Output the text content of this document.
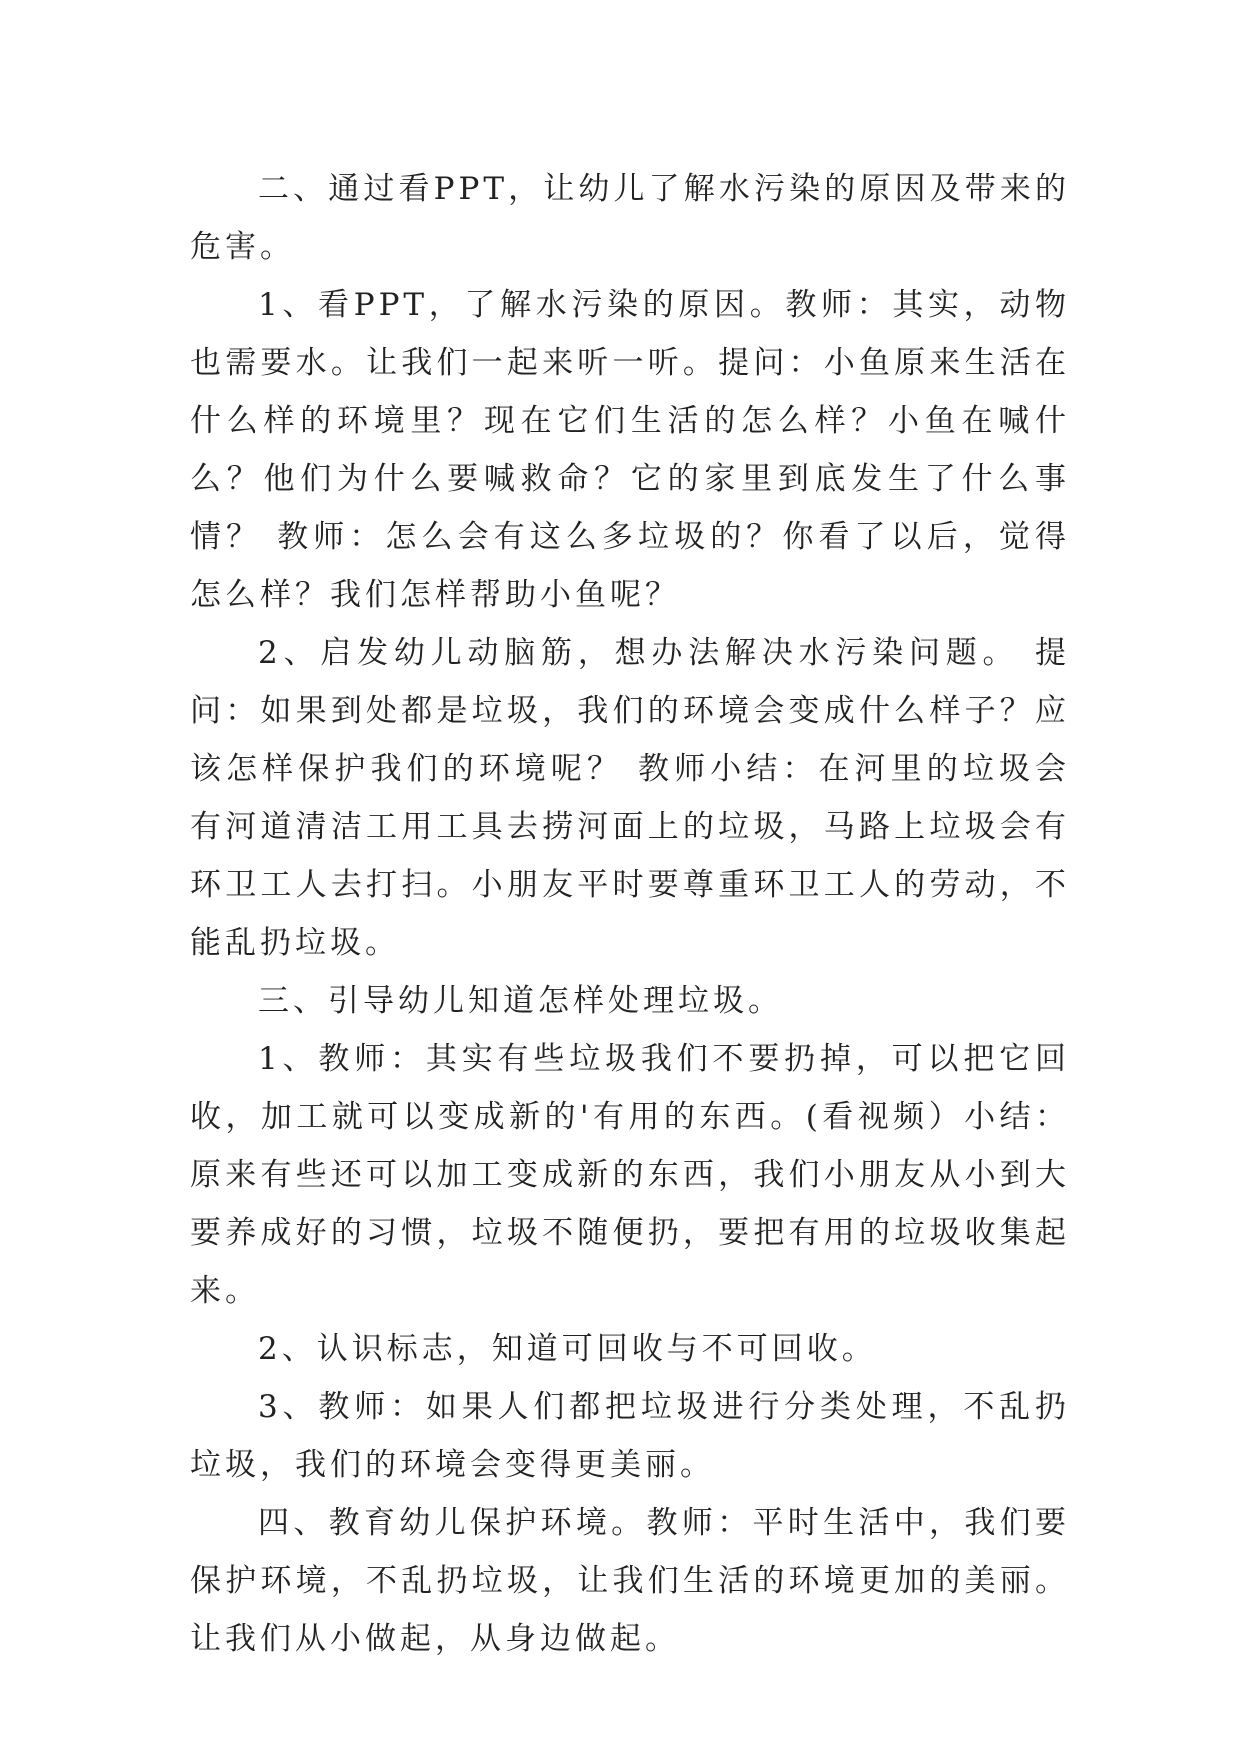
二、通过看PPT，让幼儿了解水污染的原因及带来的危害。

1、看PPT，了解水污染的原因。教师：其实，动物也需要水。让我们一起来听一听。提问：小鱼原来生活在什么样的环境里？现在它们生活的怎么样？小鱼在喊什么？他们为什么要喊救命？它的家里到底发生了什么事情？ 教师：怎么会有这么多垃圾的？你看了以后，觉得怎么样？我们怎样帮助小鱼呢？

2、启发幼儿动脑筋，想办法解决水污染问题。 提问：如果到处都是垃圾，我们的环境会变成什么样子？应该怎样保护我们的环境呢？ 教师小结：在河里的垃圾会有河道清洁工用工具去捞河面上的垃圾，马路上垃圾会有环卫工人去打扫。小朋友平时要尊重环卫工人的劳动，不能乱扔垃圾。

三、引导幼儿知道怎样处理垃圾。

1、教师：其实有些垃圾我们不要扔掉，可以把它回收，加工就可以变成新的'有用的东西。(看视频）小结：原来有些还可以加工变成新的东西，我们小朋友从小到大要养成好的习惯，垃圾不随便扔，要把有用的垃圾收集起来。

2、认识标志，知道可回收与不可回收。

3、教师：如果人们都把垃圾进行分类处理，不乱扔垃圾，我们的环境会变得更美丽。

四、教育幼儿保护环境。教师：平时生活中，我们要保护环境，不乱扔垃圾，让我们生活的环境更加的美丽。让我们从小做起，从身边做起。
